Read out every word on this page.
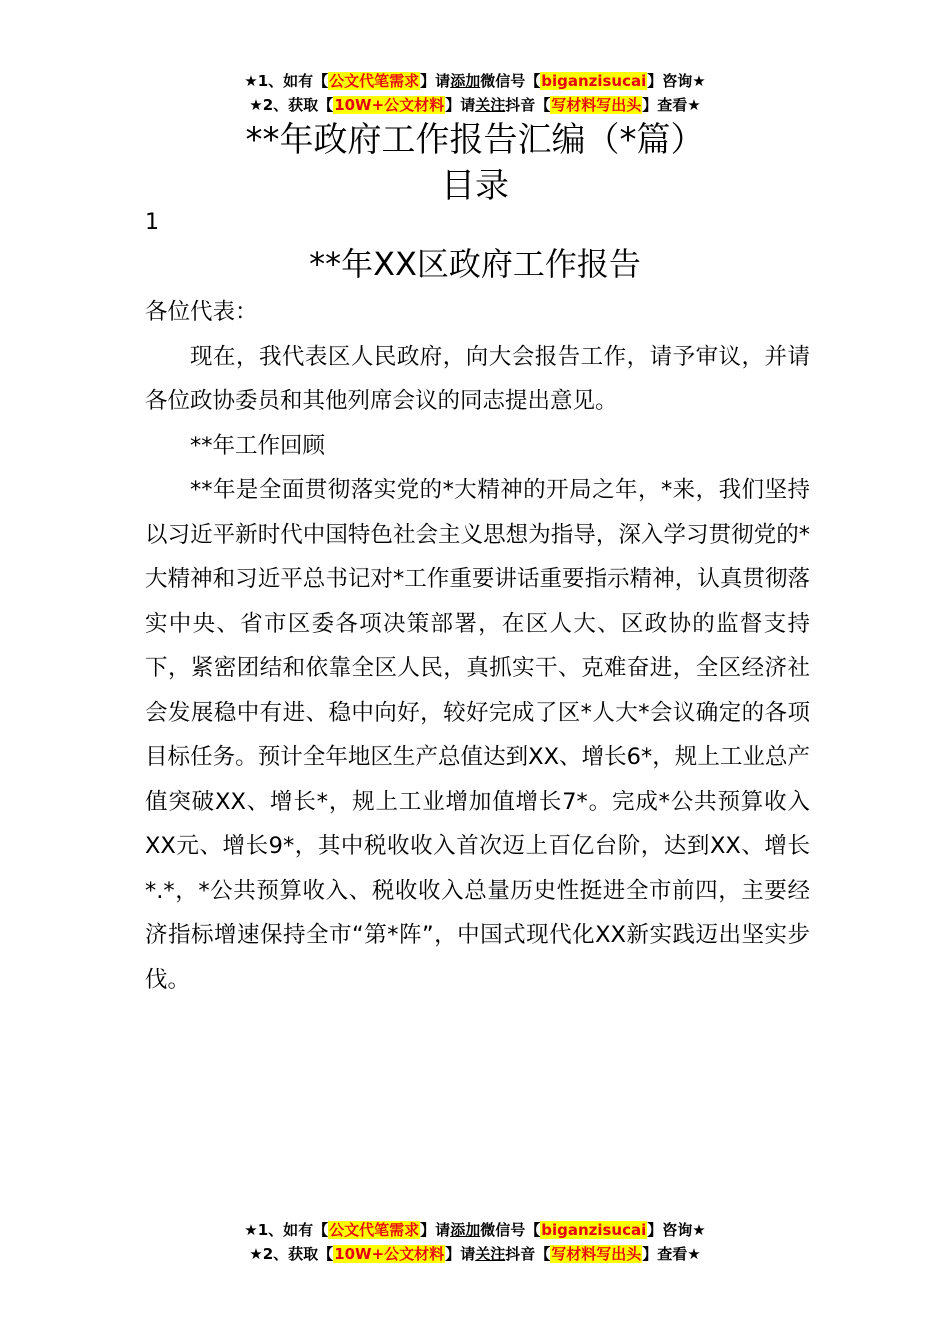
★1、如有【公文代笔需求】请添加微信号【biganzisucai】咨询★
★2、获取【10W+公文材料】请关注抖音【写材料写出头】查看★
**年政府工作报告汇编（*篇）
目录
1
**年XX区政府工作报告

各位代表：

现在，我代表区人民政府，向大会报告工作，请予审议，并请各位政协委员和其他列席会议的同志提出意见。

**年工作回顾

**年是全面贯彻落实党的*大精神的开局之年，*来，我们坚持以习近平新时代中国特色社会主义思想为指导，深入学习贯彻党的*大精神和习近平总书记对*工作重要讲话重要指示精神，认真贯彻落实中央、省市区委各项决策部署，在区人大、区政协的监督支持下，紧密团结和依靠全区人民，真抓实干、克难奋进，全区经济社会发展稳中有进、稳中向好，较好完成了区*人大*会议确定的各项目标任务。预计全年地区生产总值达到XX、增长6*，规上工业总产值突破XX、增长*，规上工业增加值增长7*。完成*公共预算收入XX元、增长9*，其中税收收入首次迈上百亿台阶，达到XX、增长*.*，*公共预算收入、税收收入总量历史性挺进全市前四，主要经济指标增速保持全市“第*阵”，中国式现代化XX新实践迈出坚实步伐。

★1、如有【公文代笔需求】请添加微信号【biganzisucai】咨询★
★2、获取【10W+公文材料】请关注抖音【写材料写出头】查看★
